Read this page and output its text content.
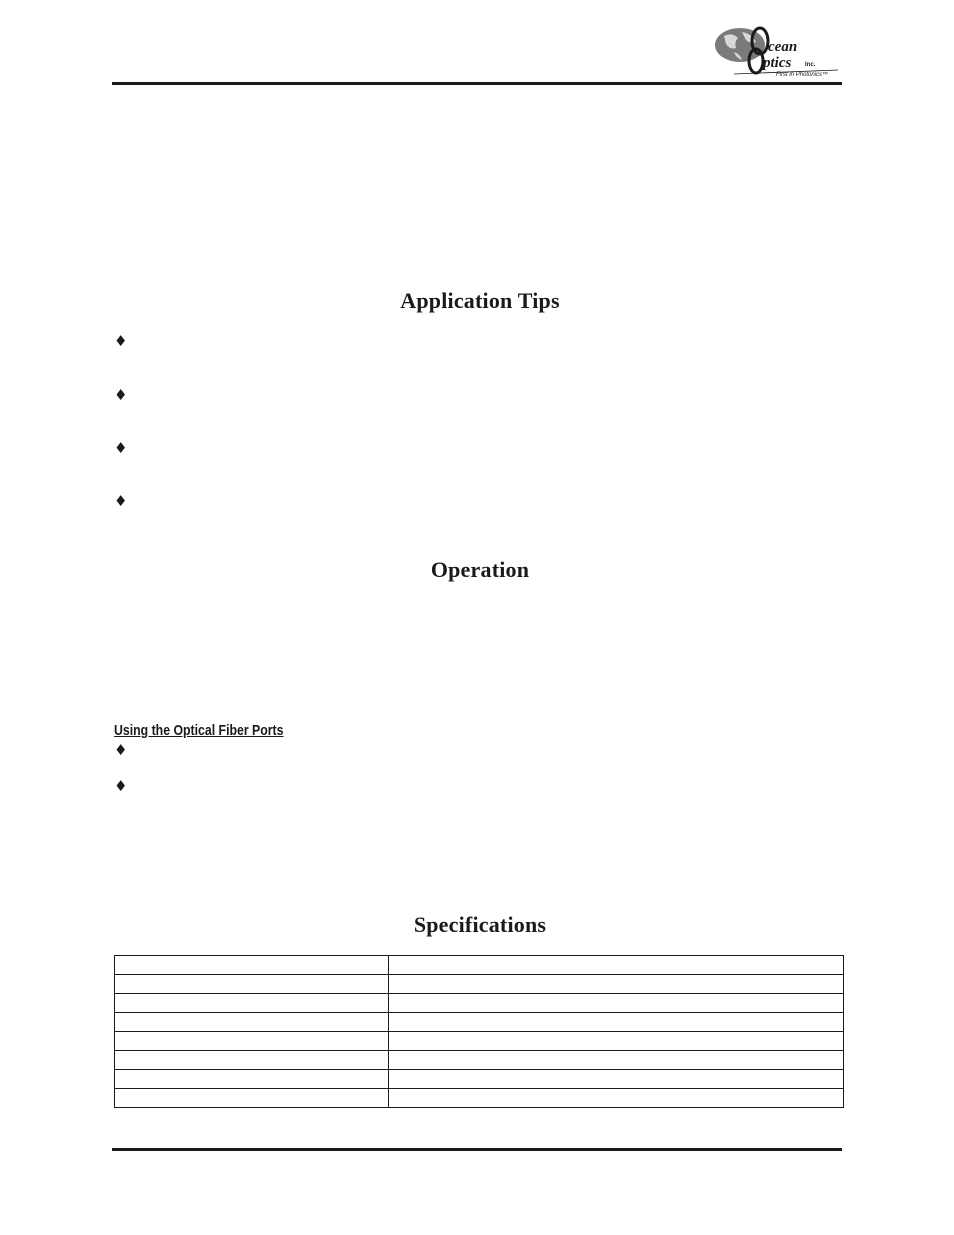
cean
ptics Inc.
First in Photonics™
Application Tips
♦
♦
♦
♦
Operation
Using the Optical Fiber Ports
♦
♦
Specifications
